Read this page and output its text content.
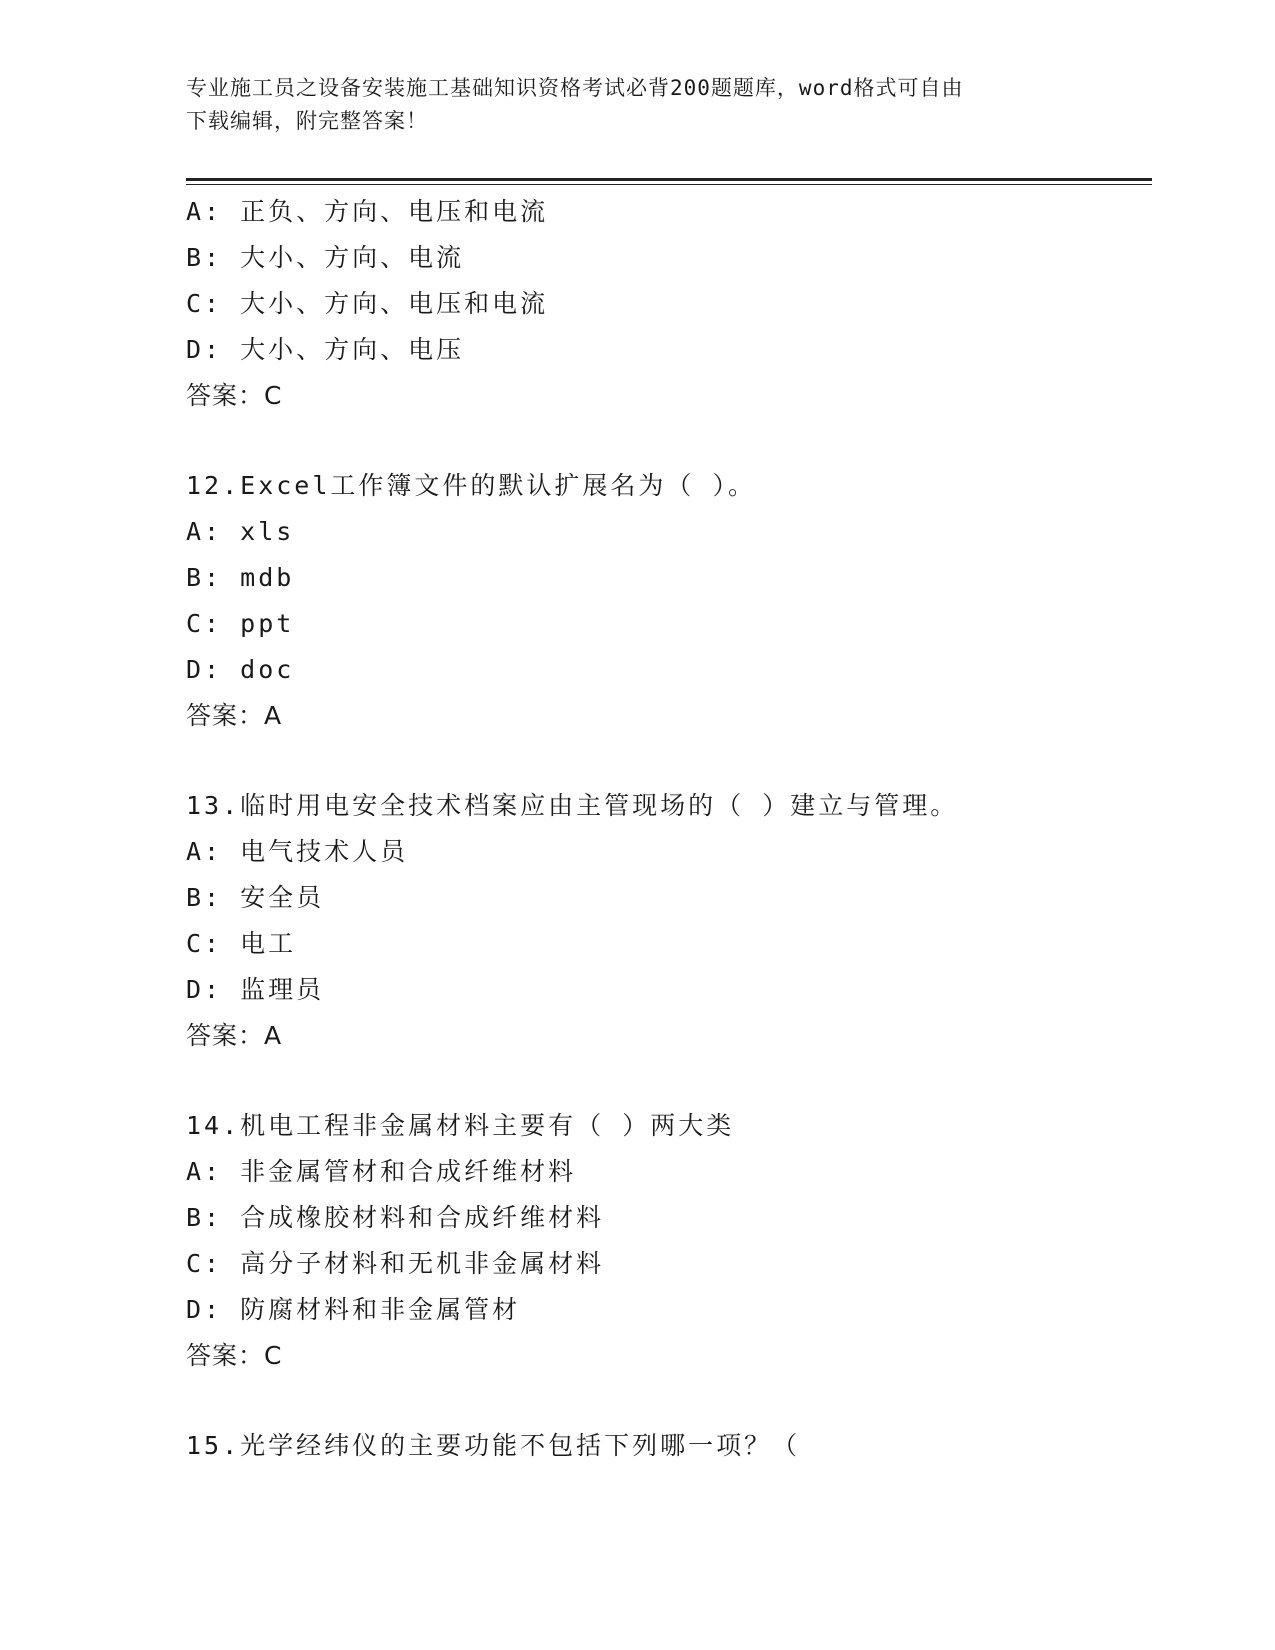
专业施工员之设备安装施工基础知识资格考试必背200题题库，word格式可自由
下载编辑，附完整答案！
A: 正负、方向、电压和电流
B: 大小、方向、电流
C: 大小、方向、电压和电流
D: 大小、方向、电压
答案：C
12.Excel工作簿文件的默认扩展名为（ ）。
A: xls
B: mdb
C: ppt
D: doc
答案：A
13.临时用电安全技术档案应由主管现场的（ ）建立与管理。
A: 电气技术人员
B: 安全员
C: 电工
D: 监理员
答案：A
14.机电工程非金属材料主要有（ ）两大类
A: 非金属管材和合成纤维材料
B: 合成橡胶材料和合成纤维材料
C: 高分子材料和无机非金属材料
D: 防腐材料和非金属管材
答案：C
15.光学经纬仪的主要功能不包括下列哪一项？（
